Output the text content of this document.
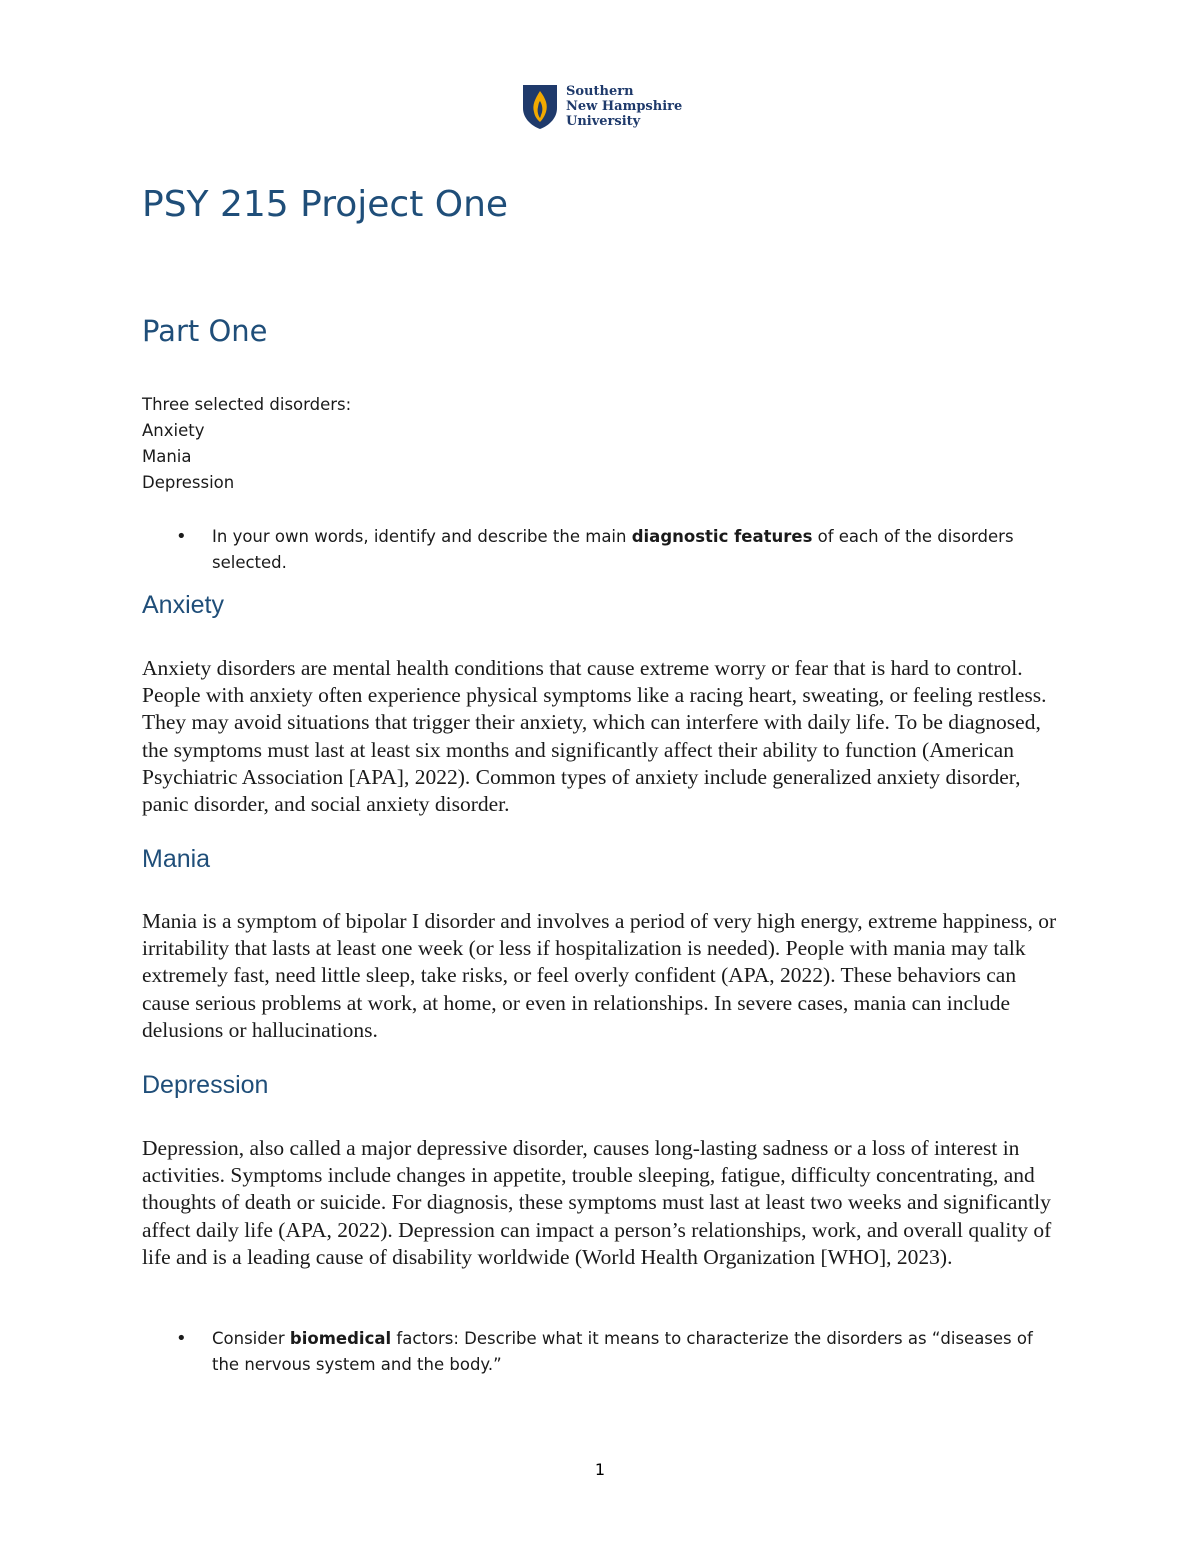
Southern
New Hampshire
University
PSY 215 Project One
Part One
Three selected disorders:
Anxiety
Mania
Depression
• In your own words, identify and describe the main diagnostic features of each of the disorders selected.
Anxiety
Anxiety disorders are mental health conditions that cause extreme worry or fear that is hard to control. People with anxiety often experience physical symptoms like a racing heart, sweating, or feeling restless. They may avoid situations that trigger their anxiety, which can interfere with daily life. To be diagnosed, the symptoms must last at least six months and significantly affect their ability to function (American Psychiatric Association [APA], 2022). Common types of anxiety include generalized anxiety disorder, panic disorder, and social anxiety disorder.
Mania
Mania is a symptom of bipolar I disorder and involves a period of very high energy, extreme happiness, or irritability that lasts at least one week (or less if hospitalization is needed). People with mania may talk extremely fast, need little sleep, take risks, or feel overly confident (APA, 2022). These behaviors can cause serious problems at work, at home, or even in relationships. In severe cases, mania can include delusions or hallucinations.
Depression
Depression, also called a major depressive disorder, causes long-lasting sadness or a loss of interest in activities. Symptoms include changes in appetite, trouble sleeping, fatigue, difficulty concentrating, and thoughts of death or suicide. For diagnosis, these symptoms must last at least two weeks and significantly affect daily life (APA, 2022). Depression can impact a person’s relationships, work, and overall quality of life and is a leading cause of disability worldwide (World Health Organization [WHO], 2023).
• Consider biomedical factors: Describe what it means to characterize the disorders as “diseases of the nervous system and the body.”
1
